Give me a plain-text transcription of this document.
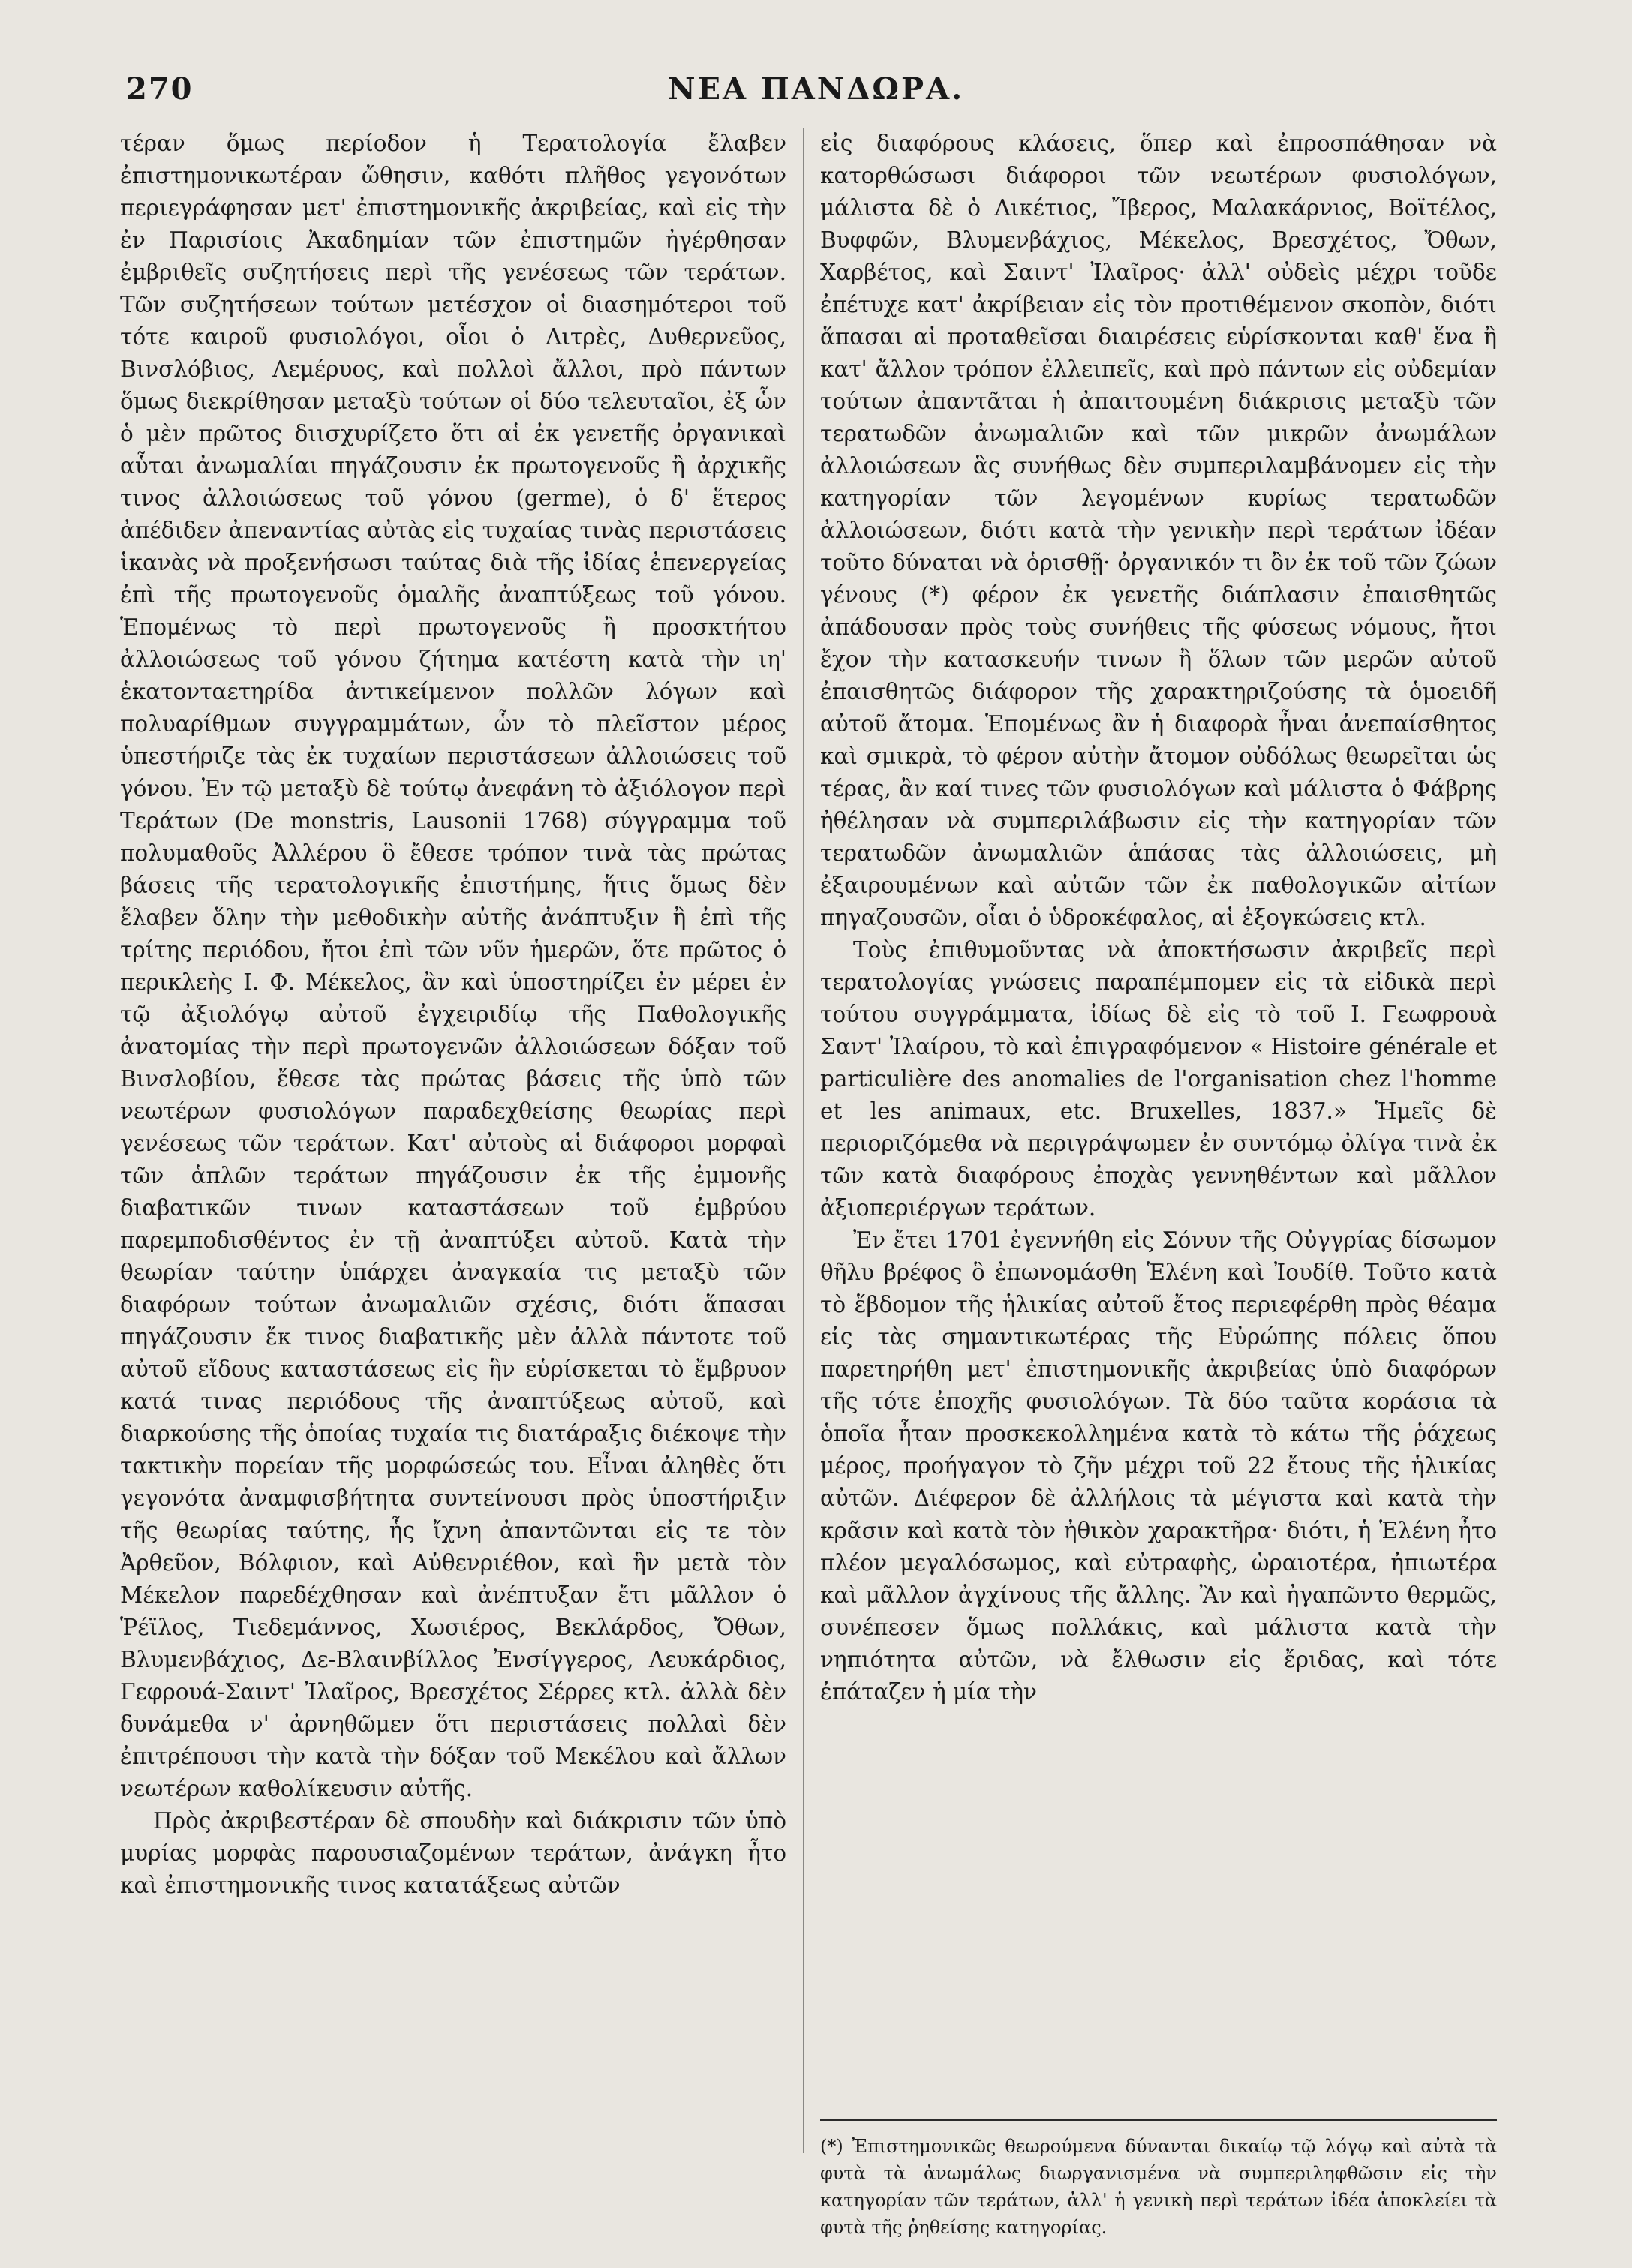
270	ΝΕΑ ΠΑΝΔΩΡΑ.

τέραν ὅμως περίοδον ἡ Τερατολογία ἔλαβεν ἐπιστημονικωτέραν ὤθησιν, καθότι πλῆθος γεγονότων περιεγράφησαν μετ' ἐπιστημονικῆς ἀκριβείας, καὶ εἰς τὴν ἐν Παρισίοις Ἀκαδημίαν τῶν ἐπιστημῶν ἠγέρθησαν ἐμβριθεῖς συζητήσεις περὶ τῆς γενέσεως τῶν τεράτων. Τῶν συζητήσεων τούτων μετέσχον οἱ διασημότεροι τοῦ τότε καιροῦ φυσιολόγοι, οἷοι ὁ Λιτρὲς, Δυθερνεῦος, Βινσλόβιος, Λεμέρυος, καὶ πολλοὶ ἄλλοι, πρὸ πάντων ὅμως διεκρίθησαν μεταξὺ τούτων οἱ δύο τελευταῖοι, ἐξ ὧν ὁ μὲν πρῶτος διισχυρίζετο ὅτι αἱ ἐκ γενετῆς ὀργανικαὶ αὗται ἀνωμαλίαι πηγάζουσιν ἐκ πρωτογενοῦς ἢ ἀρχικῆς τινος ἀλλοιώσεως τοῦ γόνου (germe), ὁ δ' ἕτερος ἀπέδιδεν ἀπεναντίας αὐτὰς εἰς τυχαίας τινὰς περιστάσεις ἱκανὰς νὰ προξενήσωσι ταύτας διὰ τῆς ἰδίας ἐπενεργείας ἐπὶ τῆς πρωτογενοῦς ὁμαλῆς ἀναπτύξεως τοῦ γόνου. Ἑπομένως τὸ περὶ πρωτογενοῦς ἢ προσκτήτου ἀλλοιώσεως τοῦ γόνου ζήτημα κατέστη κατὰ τὴν ιη' ἑκατονταετηρίδα ἀντικείμενον πολλῶν λόγων καὶ πολυαρίθμων συγγραμμάτων, ὧν τὸ πλεῖστον μέρος ὑπεστήριζε τὰς ἐκ τυχαίων περιστάσεων ἀλλοιώσεις τοῦ γόνου. Ἐν τῷ μεταξὺ δὲ τούτῳ ἀνεφάνη τὸ ἀξιόλογον περὶ Τεράτων (De monstris, Lausonii 1768) σύγγραμμα τοῦ πολυμαθοῦς Ἀλλέρου ὃ ἔθεσε τρόπον τινὰ τὰς πρώτας βάσεις τῆς τερατολογικῆς ἐπιστήμης, ἥτις ὅμως δὲν ἔλαβεν ὅλην τὴν μεθοδικὴν αὐτῆς ἀνάπτυξιν ἢ ἐπὶ τῆς τρίτης περιόδου, ἤτοι ἐπὶ τῶν νῦν ἡμερῶν, ὅτε πρῶτος ὁ περικλεὴς Ι. Φ. Μέκελος, ἂν καὶ ὑποστηρίζει ἐν μέρει ἐν τῷ ἀξιολόγῳ αὐτοῦ ἐγχειριδίῳ τῆς Παθολογικῆς ἀνατομίας τὴν περὶ πρωτογενῶν ἀλλοιώσεων δόξαν τοῦ Βινσλοβίου, ἔθεσε τὰς πρώτας βάσεις τῆς ὑπὸ τῶν νεωτέρων φυσιολόγων παραδεχθείσης θεωρίας περὶ γενέσεως τῶν τεράτων. Κατ' αὐτοὺς αἱ διάφοροι μορφαὶ τῶν ἁπλῶν τεράτων πηγάζουσιν ἐκ τῆς ἐμμονῆς διαβατικῶν τινων καταστάσεων τοῦ ἐμβρύου παρεμποδισθέντος ἐν τῇ ἀναπτύξει αὐτοῦ. Κατὰ τὴν θεωρίαν ταύτην ὑπάρχει ἀναγκαία τις μεταξὺ τῶν διαφόρων τούτων ἀνωμαλιῶν σχέσις, διότι ἅπασαι πηγάζουσιν ἔκ τινος διαβατικῆς μὲν ἀλλὰ πάντοτε τοῦ αὐτοῦ εἴδους καταστάσεως εἰς ἣν εὑρίσκεται τὸ ἔμβρυον κατά τινας περιόδους τῆς ἀναπτύξεως αὐτοῦ, καὶ διαρκούσης τῆς ὁποίας τυχαία τις διατάραξις διέκοψε τὴν τακτικὴν πορείαν τῆς μορφώσεώς του. Εἶναι ἀληθὲς ὅτι γεγονότα ἀναμφισβήτητα συντείνουσι πρὸς ὑποστήριξιν τῆς θεωρίας ταύτης, ἧς ἴχνη ἀπαντῶνται εἰς τε τὸν Ἀρθεῦον, Βόλφιον, καὶ Αὐθενριέθον, καὶ ἣν μετὰ τὸν Μέκελον παρεδέχθησαν καὶ ἀνέπτυξαν ἔτι μᾶλλον ὁ Ῥέϊλος, Τιεδεμάννος, Χωσιέρος, Βεκλάρδος, Ὄθων, Βλυμενβάχιος, Δε-Βλαινβίλλος Ἐνσίγγερος, Λευκάρδιος, Γεφρουά-Σαιντ' Ἰλαῖρος, Βρεσχέτος Σέρρες κτλ. ἀλλὰ δὲν δυνάμεθα ν' ἀρνηθῶμεν ὅτι περιστάσεις πολλαὶ δὲν ἐπιτρέπουσι τὴν κατὰ τὴν δόξαν τοῦ Μεκέλου καὶ ἄλλων νεωτέρων καθολίκευσιν αὐτῆς.

Πρὸς ἀκριβεστέραν δὲ σπουδὴν καὶ διάκρισιν τῶν ὑπὸ μυρίας μορφὰς παρουσιαζομένων τεράτων, ἀνάγκη ἦτο καὶ ἐπιστημονικῆς τινος κατατάξεως αὐτῶν

εἰς διαφόρους κλάσεις, ὅπερ καὶ ἐπροσπάθησαν νὰ κατορθώσωσι διάφοροι τῶν νεωτέρων φυσιολόγων, μάλιστα δὲ ὁ Λικέτιος, Ἴβερος, Μαλακάρνιος, Βοϊτέλος, Βυφφῶν, Βλυμενβάχιος, Μέκελος, Βρεσχέτος, Ὄθων, Χαρβέτος, καὶ Σαιντ' Ἰλαῖρος· ἀλλ' οὐδεὶς μέχρι τοῦδε ἐπέτυχε κατ' ἀκρίβειαν εἰς τὸν προτιθέμενον σκοπὸν, διότι ἅπασαι αἱ προταθεῖσαι διαιρέσεις εὑρίσκονται καθ' ἕνα ἢ κατ' ἄλλον τρόπον ἐλλειπεῖς, καὶ πρὸ πάντων εἰς οὐδεμίαν τούτων ἀπαντᾶται ἡ ἀπαιτουμένη διάκρισις μεταξὺ τῶν τερατωδῶν ἀνωμαλιῶν καὶ τῶν μικρῶν ἀνωμάλων ἀλλοιώσεων ἃς συνήθως δὲν συμπεριλαμβάνομεν εἰς τὴν κατηγορίαν τῶν λεγομένων κυρίως τερατωδῶν ἀλλοιώσεων, διότι κατὰ τὴν γενικὴν περὶ τεράτων ἰδέαν τοῦτο δύναται νὰ ὁρισθῇ· ὀργανικόν τι ὂν ἐκ τοῦ τῶν ζώων γένους (*) φέρον ἐκ γενετῆς διάπλασιν ἐπαισθητῶς ἀπάδουσαν πρὸς τοὺς συνήθεις τῆς φύσεως νόμους, ἤτοι ἔχον τὴν κατασκευήν τινων ἢ ὅλων τῶν μερῶν αὐτοῦ ἐπαισθητῶς διάφορον τῆς χαρακτηριζούσης τὰ ὁμοειδῆ αὐτοῦ ἄτομα. Ἑπομένως ἂν ἡ διαφορὰ ἦναι ἀνεπαίσθητος καὶ σμικρὰ, τὸ φέρον αὐτὴν ἄτομον οὐδόλως θεωρεῖται ὡς τέρας, ἂν καί τινες τῶν φυσιολόγων καὶ μάλιστα ὁ Φάβρης ἠθέλησαν νὰ συμπεριλάβωσιν εἰς τὴν κατηγορίαν τῶν τερατωδῶν ἀνωμαλιῶν ἁπάσας τὰς ἀλλοιώσεις, μὴ ἐξαιρουμένων καὶ αὐτῶν τῶν ἐκ παθολογικῶν αἰτίων πηγαζουσῶν, οἷαι ὁ ὑδροκέφαλος, αἱ ἐξογκώσεις κτλ.

Τοὺς ἐπιθυμοῦντας νὰ ἀποκτήσωσιν ἀκριβεῖς περὶ τερατολογίας γνώσεις παραπέμπομεν εἰς τὰ εἰδικὰ περὶ τούτου συγγράμματα, ἰδίως δὲ εἰς τὸ τοῦ Ι. Γεωφρουὰ Σαντ' Ἰλαίρου, τὸ καὶ ἐπιγραφόμενον « Histoire générale et particulière des anomalies de l'organisation chez l'homme et les animaux, etc. Bruxelles, 1837.» Ἡμεῖς δὲ περιοριζόμεθα νὰ περιγράψωμεν ἐν συντόμῳ ὀλίγα τινὰ ἐκ τῶν κατὰ διαφόρους ἐποχὰς γεννηθέντων καὶ μᾶλλον ἀξιοπεριέργων τεράτων.

Ἐν ἔτει 1701 ἐγεννήθη εἰς Σόνυν τῆς Οὐγγρίας δίσωμον θῆλυ βρέφος ὃ ἐπωνομάσθη Ἑλένη καὶ Ἰουδίθ. Τοῦτο κατὰ τὸ ἕβδομον τῆς ἡλικίας αὐτοῦ ἔτος περιεφέρθη πρὸς θέαμα εἰς τὰς σημαντικωτέρας τῆς Εὐρώπης πόλεις ὅπου παρετηρήθη μετ' ἐπιστημονικῆς ἀκριβείας ὑπὸ διαφόρων τῆς τότε ἐποχῆς φυσιολόγων. Τὰ δύο ταῦτα κοράσια τὰ ὁποῖα ἦταν προσκεκολλημένα κατὰ τὸ κάτω τῆς ῥάχεως μέρος, προήγαγον τὸ ζῆν μέχρι τοῦ 22 ἔτους τῆς ἡλικίας αὐτῶν. Διέφερον δὲ ἀλλήλοις τὰ μέγιστα καὶ κατὰ τὴν κρᾶσιν καὶ κατὰ τὸν ἠθικὸν χαρακτῆρα· διότι, ἡ Ἑλένη ἦτο πλέον μεγαλόσωμος, καὶ εὐτραφὴς, ὡραιοτέρα, ἠπιωτέρα καὶ μᾶλλον ἀγχίνους τῆς ἄλλης. Ἂν καὶ ἠγαπῶντο θερμῶς, συνέπεσεν ὅμως πολλάκις, καὶ μάλιστα κατὰ τὴν νηπιότητα αὐτῶν, νὰ ἔλθωσιν εἰς ἔριδας, καὶ τότε ἐπάταζεν ἡ μία τὴν

(*) Ἐπιστημονικῶς θεωρούμενα δύνανται δικαίῳ τῷ λόγῳ καὶ αὐτὰ τὰ φυτὰ τὰ ἀνωμάλως διωργανισμένα νὰ συμπεριληφθῶσιν εἰς τὴν κατηγορίαν τῶν τεράτων, ἀλλ' ἡ γενικὴ περὶ τεράτων ἰδέα ἀποκλείει τὰ φυτὰ τῆς ῥηθείσης κατηγορίας.
